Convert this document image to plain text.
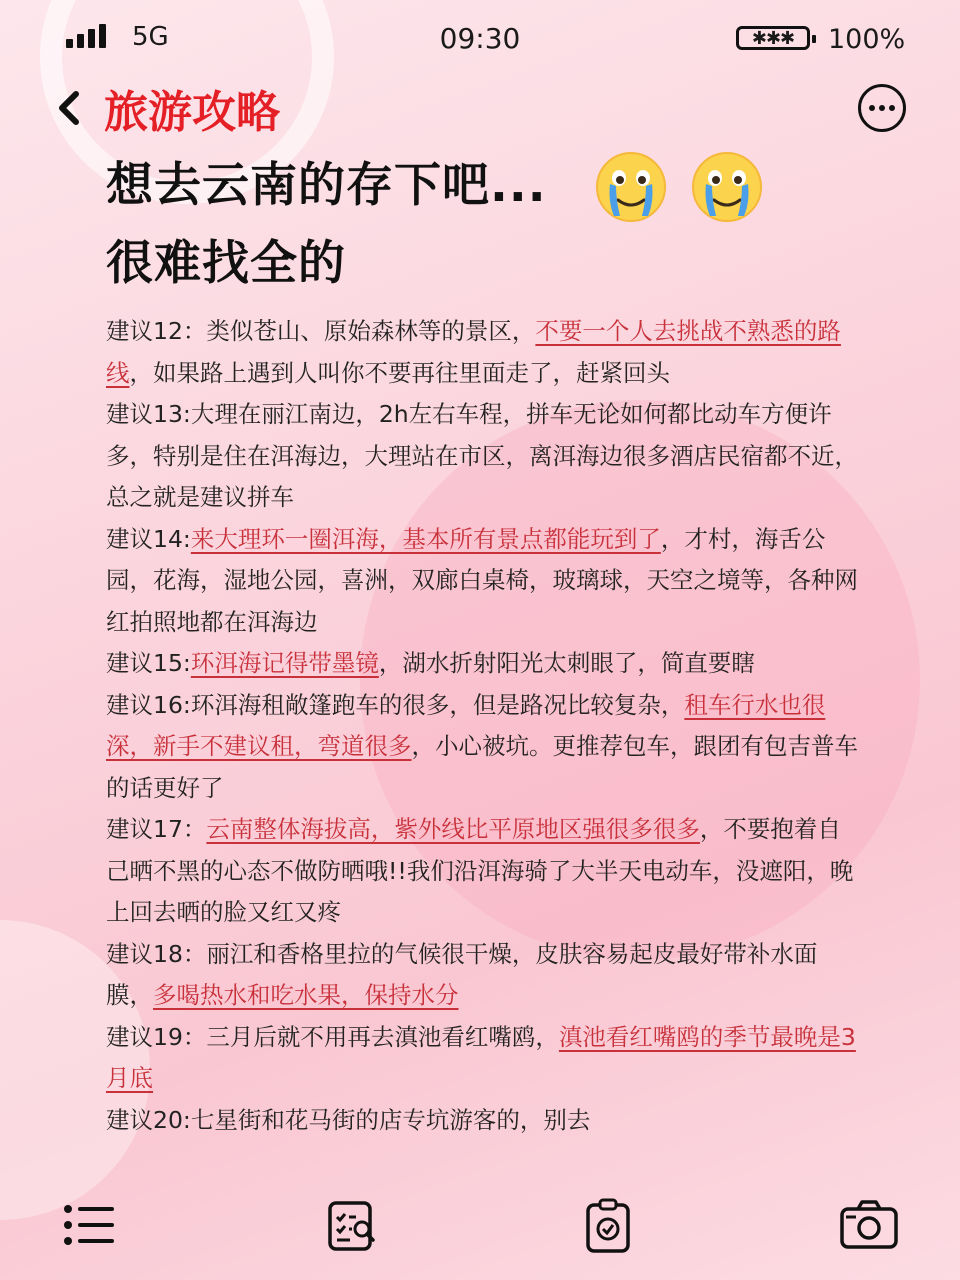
5G	09:30	✱✱✱	100%
旅游攻略
想去云南的存下吧...
很难找全的

建议12：类似苍山、原始森林等的景区，不要一个人去挑战不熟悉的路线，如果路上遇到人叫你不要再往里面走了，赶紧回头

建议13:大理在丽江南边，2h左右车程，拼车无论如何都比动车方便许多，特别是住在洱海边，大理站在市区，离洱海边很多酒店民宿都不近，总之就是建议拼车

建议14:来大理环一圈洱海，基本所有景点都能玩到了，才村，海舌公园，花海，湿地公园，喜洲，双廊白桌椅，玻璃球，天空之境等，各种网红拍照地都在洱海边

建议15:环洱海记得带墨镜，湖水折射阳光太刺眼了，简直要瞎

建议16:环洱海租敞篷跑车的很多，但是路况比较复杂，租车行水也很深，新手不建议租，弯道很多，小心被坑。更推荐包车，跟团有包吉普车的话更好了

建议17：云南整体海拔高，紫外线比平原地区强很多很多，不要抱着自己晒不黑的心态不做防晒哦!!我们沿洱海骑了大半天电动车，没遮阳，晚上回去晒的脸又红又疼

建议18：丽江和香格里拉的气候很干燥，皮肤容易起皮最好带补水面膜，多喝热水和吃水果，保持水分

建议19：三月后就不用再去滇池看红嘴鸥，滇池看红嘴鸥的季节最晚是3月底

建议20:七星街和花马街的店专坑游客的，别去
